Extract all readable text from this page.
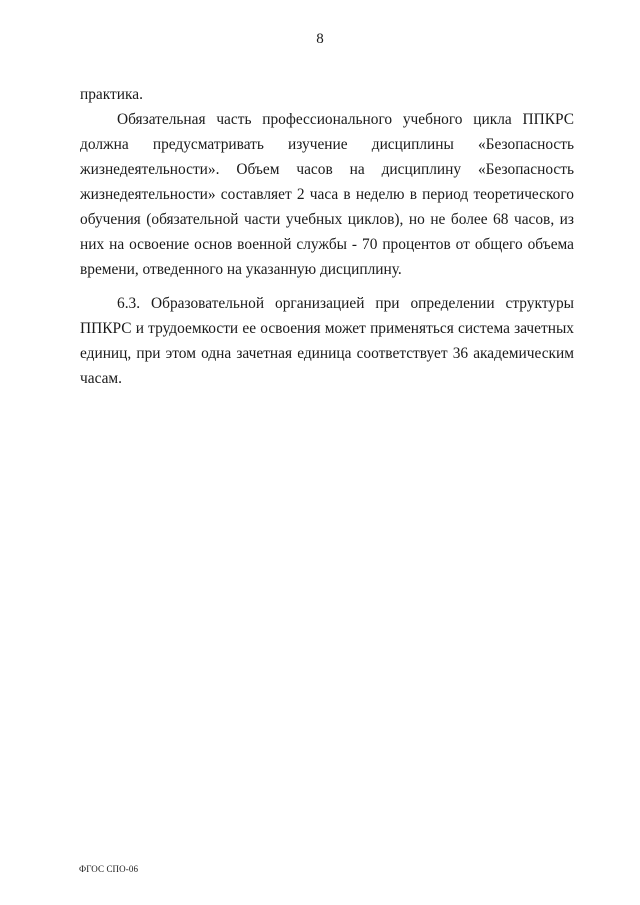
8

практика.

Обязательная часть профессионального учебного цикла ППКРС должна предусматривать изучение дисциплины «Безопасность жизнедеятельности». Объем часов на дисциплину «Безопасность жизнедеятельности» составляет 2 часа в неделю в период теоретического обучения (обязательной части учебных циклов), но не более 68 часов, из них на освоение основ военной службы - 70 процентов от общего объема времени, отведенного на указанную дисциплину.

6.3. Образовательной организацией при определении структуры ППКРС и трудоемкости ее освоения может применяться система зачетных единиц, при этом одна зачетная единица соответствует 36 академическим часам.

ФГОС СПО-06
